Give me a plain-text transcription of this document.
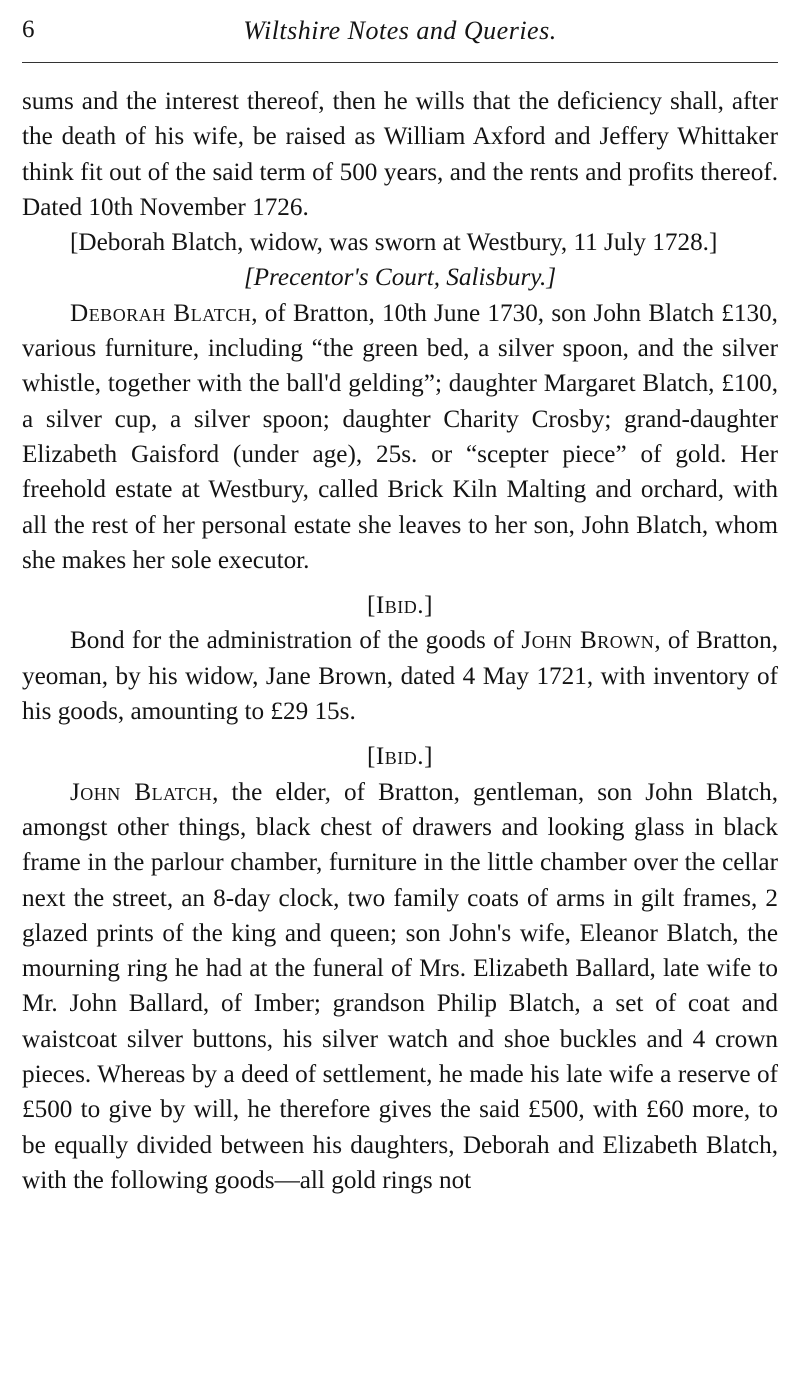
6	Wiltshire Notes and Queries.

sums and the interest thereof, then he wills that the deficiency shall, after the death of his wife, be raised as William Axford and Jeffery Whittaker think fit out of the said term of 500 years, and the rents and profits thereof. Dated 10th November 1726.

[Deborah Blatch, widow, was sworn at Westbury, 11 July 1728.]

[Precentor's Court, Salisbury.]

Deborah Blatch, of Bratton, 10th June 1730, son John Blatch £130, various furniture, including “the green bed, a silver spoon, and the silver whistle, together with the ball'd gelding”; daughter Margaret Blatch, £100, a silver cup, a silver spoon; daughter Charity Crosby; grand-daughter Elizabeth Gaisford (under age), 25s. or “scepter piece” of gold. Her freehold estate at Westbury, called Brick Kiln Malting and orchard, with all the rest of her personal estate she leaves to her son, John Blatch, whom she makes her sole executor.

[Ibid.]

Bond for the administration of the goods of John Brown, of Bratton, yeoman, by his widow, Jane Brown, dated 4 May 1721, with inventory of his goods, amounting to £29 15s.

[Ibid.]

John Blatch, the elder, of Bratton, gentleman, son John Blatch, amongst other things, black chest of drawers and looking glass in black frame in the parlour chamber, furniture in the little chamber over the cellar next the street, an 8-day clock, two family coats of arms in gilt frames, 2 glazed prints of the king and queen; son John's wife, Eleanor Blatch, the mourning ring he had at the funeral of Mrs. Elizabeth Ballard, late wife to Mr. John Ballard, of Imber; grandson Philip Blatch, a set of coat and waistcoat silver buttons, his silver watch and shoe buckles and 4 crown pieces. Whereas by a deed of settlement, he made his late wife a reserve of £500 to give by will, he therefore gives the said £500, with £60 more, to be equally divided between his daughters, Deborah and Elizabeth Blatch, with the following goods—all gold rings not
